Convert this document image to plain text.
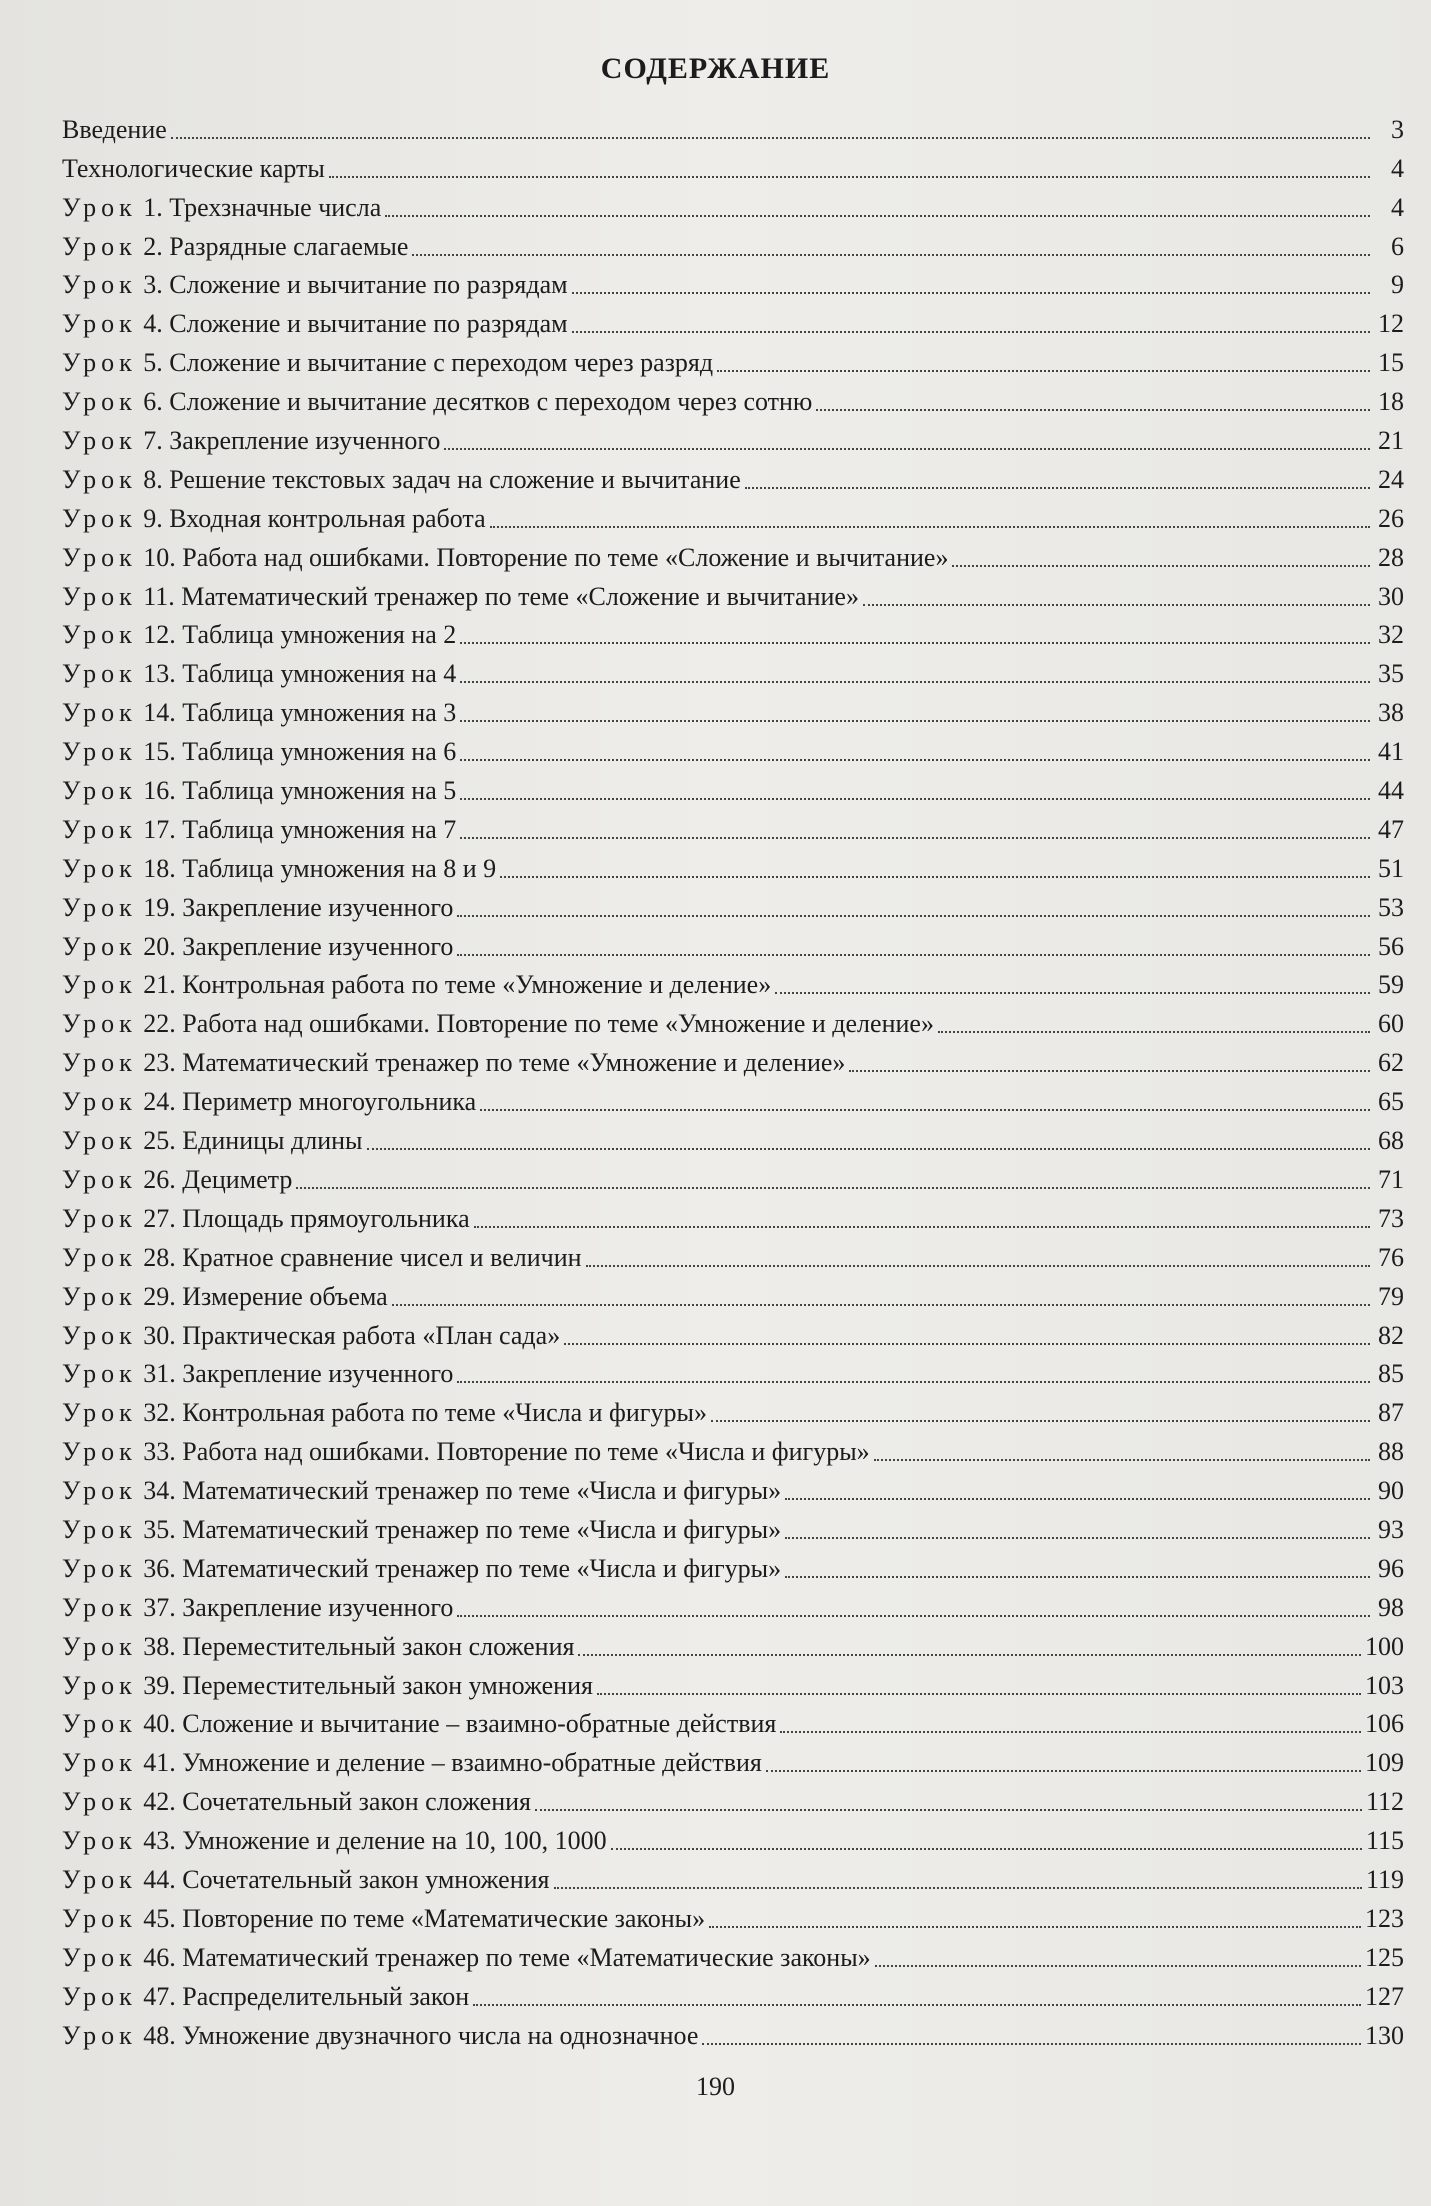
СОДЕРЖАНИЕ
Введение	3
Технологические карты	4
Урок 1. Трехзначные числа	4
Урок 2. Разрядные слагаемые	6
Урок 3. Сложение и вычитание по разрядам	9
Урок 4. Сложение и вычитание по разрядам	12
Урок 5. Сложение и вычитание с переходом через разряд	15
Урок 6. Сложение и вычитание десятков с переходом через сотню	18
Урок 7. Закрепление изученного	21
Урок 8. Решение текстовых задач на сложение и вычитание	24
Урок 9. Входная контрольная работа	26
Урок 10. Работа над ошибками. Повторение по теме «Сложение и вычитание»	28
Урок 11. Математический тренажер по теме «Сложение и вычитание»	30
Урок 12. Таблица умножения на 2	32
Урок 13. Таблица умножения на 4	35
Урок 14. Таблица умножения на 3	38
Урок 15. Таблица умножения на 6	41
Урок 16. Таблица умножения на 5	44
Урок 17. Таблица умножения на 7	47
Урок 18. Таблица умножения на 8 и 9	51
Урок 19. Закрепление изученного	53
Урок 20. Закрепление изученного	56
Урок 21. Контрольная работа по теме «Умножение и деление»	59
Урок 22. Работа над ошибками. Повторение по теме «Умножение и деление»	60
Урок 23. Математический тренажер по теме «Умножение и деление»	62
Урок 24. Периметр многоугольника	65
Урок 25. Единицы длины	68
Урок 26. Дециметр	71
Урок 27. Площадь прямоугольника	73
Урок 28. Кратное сравнение чисел и величин	76
Урок 29. Измерение объема	79
Урок 30. Практическая работа «План сада»	82
Урок 31. Закрепление изученного	85
Урок 32. Контрольная работа по теме «Числа и фигуры»	87
Урок 33. Работа над ошибками. Повторение по теме «Числа и фигуры»	88
Урок 34. Математический тренажер по теме «Числа и фигуры»	90
Урок 35. Математический тренажер по теме «Числа и фигуры»	93
Урок 36. Математический тренажер по теме «Числа и фигуры»	96
Урок 37. Закрепление изученного	98
Урок 38. Переместительный закон сложения	100
Урок 39. Переместительный закон умножения	103
Урок 40. Сложение и вычитание – взаимно-обратные действия	106
Урок 41. Умножение и деление – взаимно-обратные действия	109
Урок 42. Сочетательный закон сложения	112
Урок 43. Умножение и деление на 10, 100, 1000	115
Урок 44. Сочетательный закон умножения	119
Урок 45. Повторение по теме «Математические законы»	123
Урок 46. Математический тренажер по теме «Математические законы»	125
Урок 47. Распределительный закон	127
Урок 48. Умножение двузначного числа на однозначное	130
190
